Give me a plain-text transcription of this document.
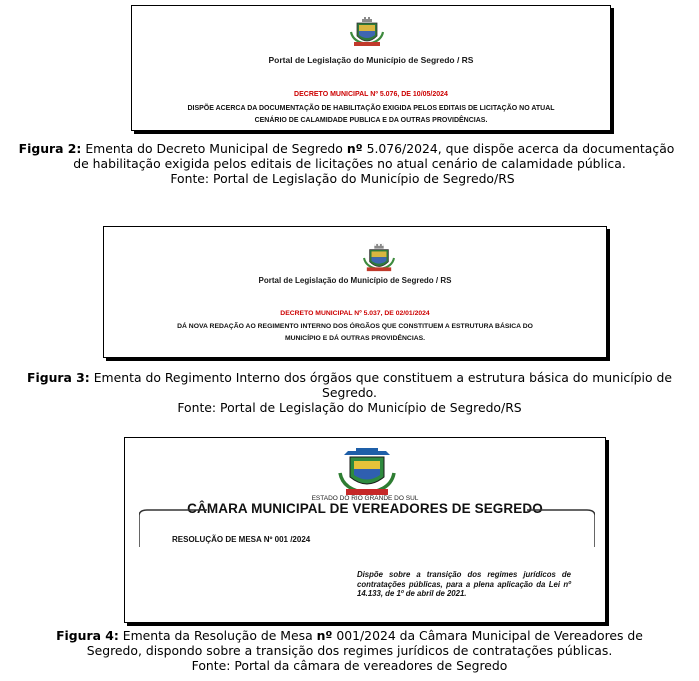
Portal de Legislação do Município de Segredo / RS
DECRETO MUNICIPAL Nº 5.076, DE 10/05/2024
DISPÕE ACERCA DA DOCUMENTAÇÃO DE HABILITAÇÃO EXIGIDA PELOS EDITAIS DE LICITAÇÃO NO ATUAL
CENÁRIO DE CALAMIDADE PUBLICA E DA OUTRAS PROVIDÊNCIAS.
Figura 2: Ementa do Decreto Municipal de Segredo nº 5.076/2024, que dispõe acerca da documentação
de habilitação exigida pelos editais de licitações no atual cenário de calamidade pública.
Fonte: Portal de Legislação do Município de Segredo/RS
Portal de Legislação do Município de Segredo / RS
DECRETO MUNICIPAL Nº 5.037, DE 02/01/2024
DÁ NOVA REDAÇÃO AO REGIMENTO INTERNO DOS ÓRGÃOS QUE CONSTITUEM A ESTRUTURA BÁSICA DO
MUNICÍPIO E DÁ OUTRAS PROVIDÊNCIAS.
Figura 3: Ementa do Regimento Interno dos órgãos que constituem a estrutura básica do município de
Segredo.
Fonte: Portal de Legislação do Município de Segredo/RS
ESTADO DO RIO GRANDE DO SUL
CÂMARA MUNICIPAL DE VEREADORES DE SEGREDO
RESOLUÇÃO DE MESA Nº 001 /2024
Dispõe sobre a transição dos regimes jurídicos de contratações públicas, para a plena aplicação da Lei nº 14.133, de 1º de abril de 2021.
Figura 4: Ementa da Resolução de Mesa nº 001/2024 da Câmara Municipal de Vereadores de
Segredo, dispondo sobre a transição dos regimes jurídicos de contratações públicas.
Fonte: Portal da câmara de vereadores de Segredo
